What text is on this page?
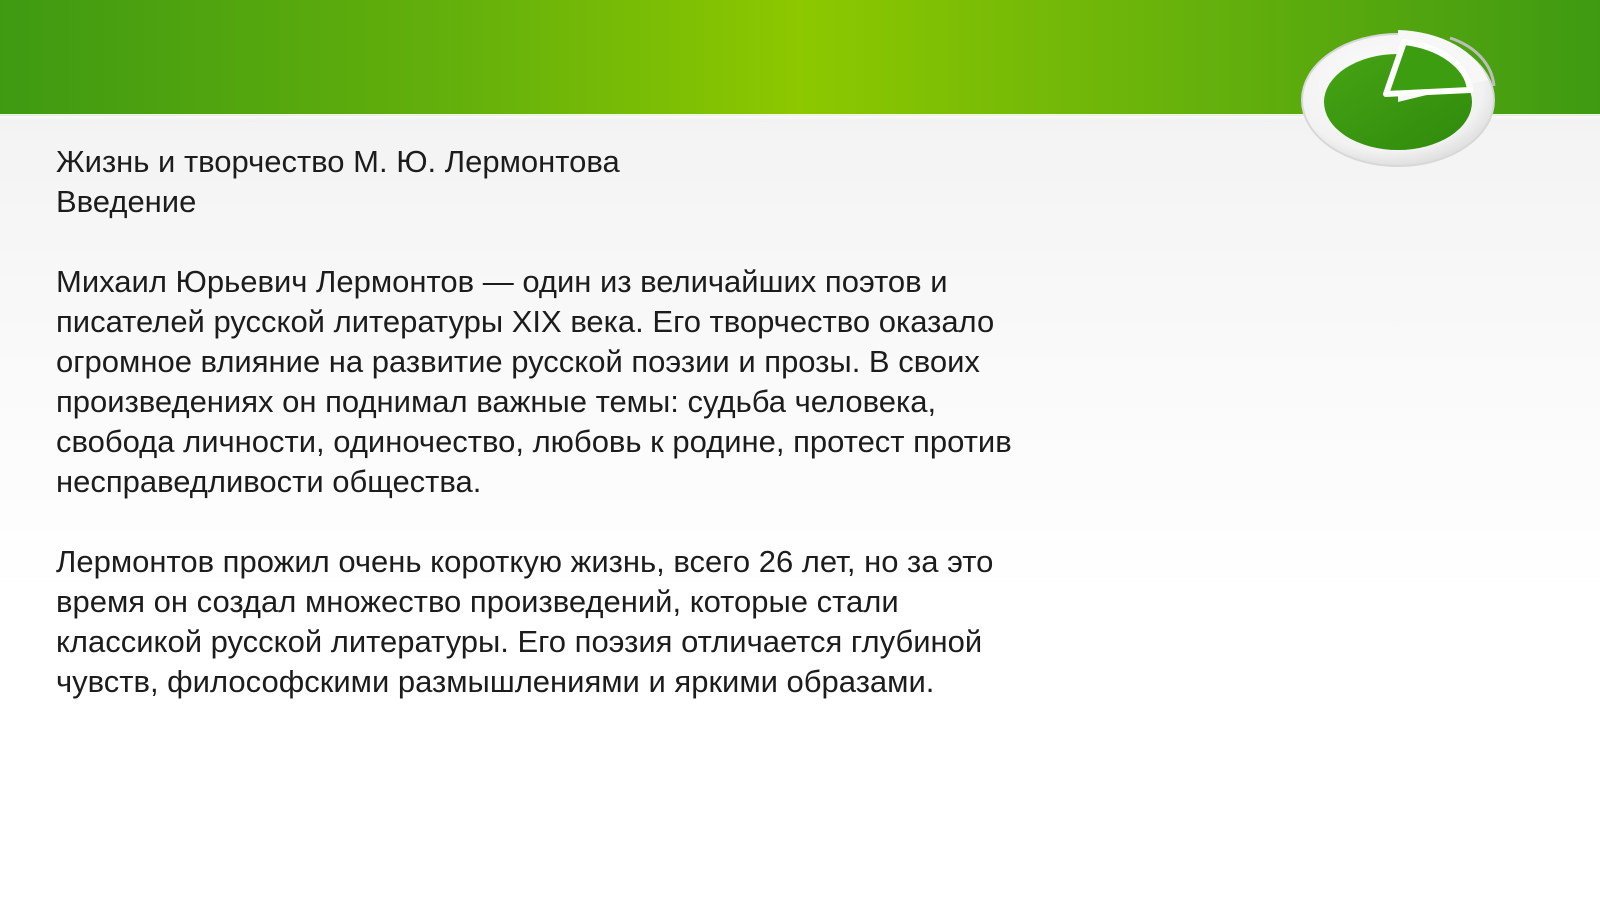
Жизнь и творчество М. Ю. Лермонтова
Введение
Михаил Юрьевич Лермонтов — один из величайших поэтов и
писателей русской литературы XIX века. Его творчество оказало
огромное влияние на развитие русской поэзии и прозы. В своих
произведениях он поднимал важные темы: судьба человека,
свобода личности, одиночество, любовь к родине, протест против
несправедливости общества.
Лермонтов прожил очень короткую жизнь, всего 26 лет, но за это
время он создал множество произведений, которые стали
классикой русской литературы. Его поэзия отличается глубиной
чувств, философскими размышлениями и яркими образами.
